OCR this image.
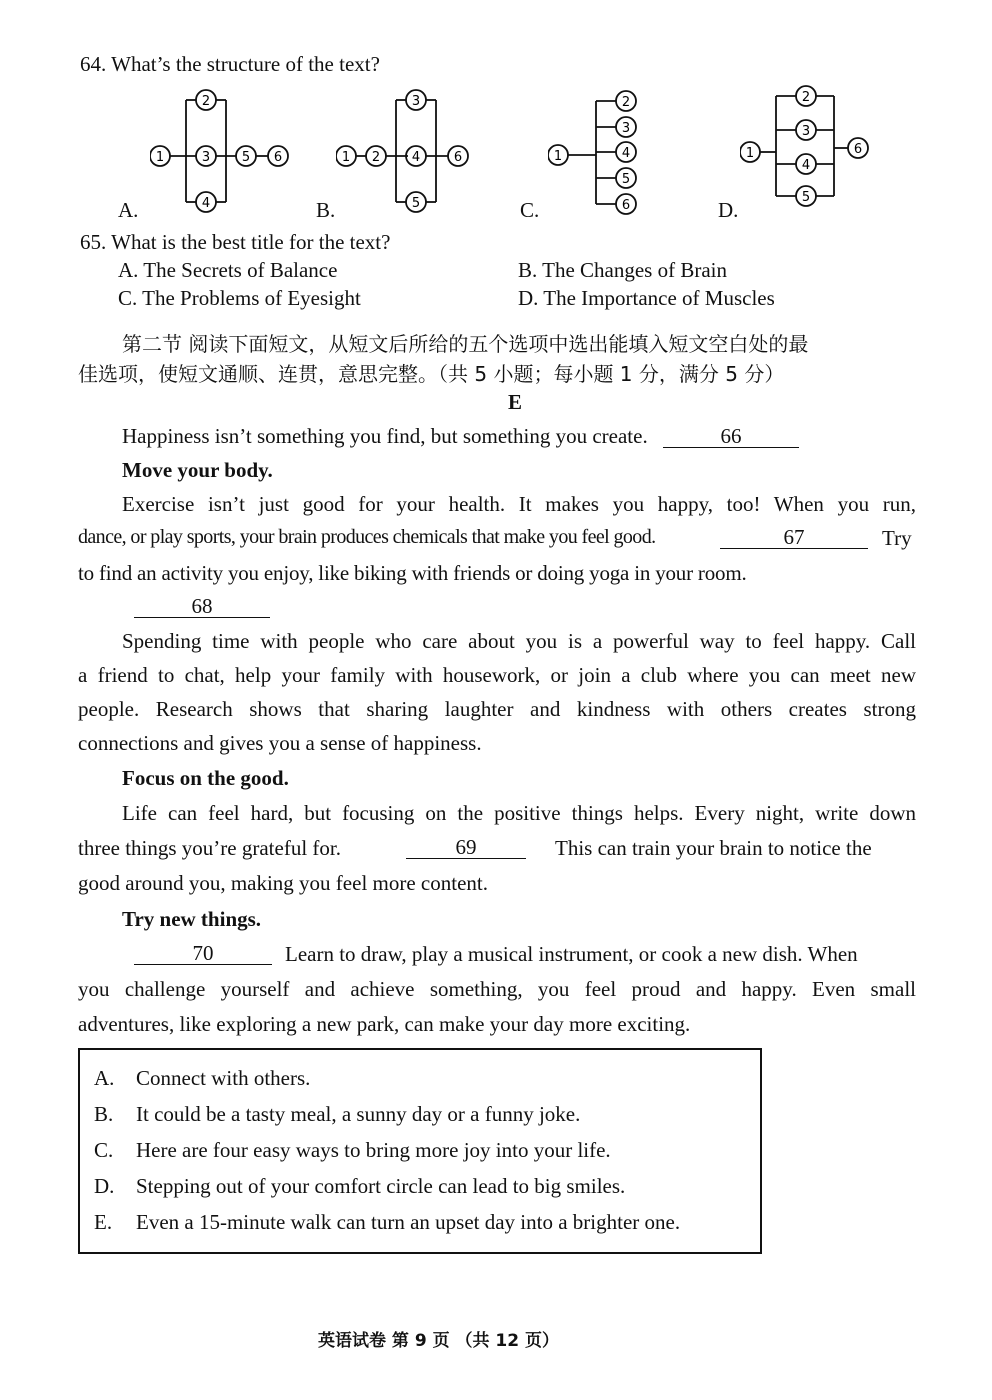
64. What’s the structure of the text?
1
2
3
4
5 6
A.
1 2
3
4
5
6
B.
1
2
3
4
5
6
C.
1
2
3
4
5
6
D.
65. What is the best title for the text?
A. The Secrets of Balance	B. The Changes of Brain
C. The Problems of Eyesight	D. The Importance of Muscles
第二节 阅读下面短文，从短文后所给的五个选项中选出能填入短文空白处的最
佳选项，使短文通顺、连贯，意思完整。（共 5 小题；每小题 1 分，满分 5 分）
E
Happiness isn’t something you find, but something you create.	66
Move your body.
Exercise isn’t just good for your health. It makes you happy, too! When you run,
dance, or play sports, your brain produces chemicals that make you feel good.	67	Try
to find an activity you enjoy, like biking with friends or doing yoga in your room.
68
Spending time with people who care about you is a powerful way to feel happy. Call
a friend to chat, help your family with housework, or join a club where you can meet new
people. Research shows that sharing laughter and kindness with others creates strong
connections and gives you a sense of happiness.
Focus on the good.
Life can feel hard, but focusing on the positive things helps. Every night, write down
three things you’re grateful for.	69	This can train your brain to notice the
good around you, making you feel more content.
Try new things.
70	Learn to draw, play a musical instrument, or cook a new dish. When
you challenge yourself and achieve something, you feel proud and happy. Even small
adventures, like exploring a new park, can make your day more exciting.
A. Connect with others.
B. It could be a tasty meal, a sunny day or a funny joke.
C. Here are four easy ways to bring more joy into your life.
D. Stepping out of your comfort circle can lead to big smiles.
E. Even a 15-minute walk can turn an upset day into a brighter one.
英语试卷 第 9 页 （共 12 页）
